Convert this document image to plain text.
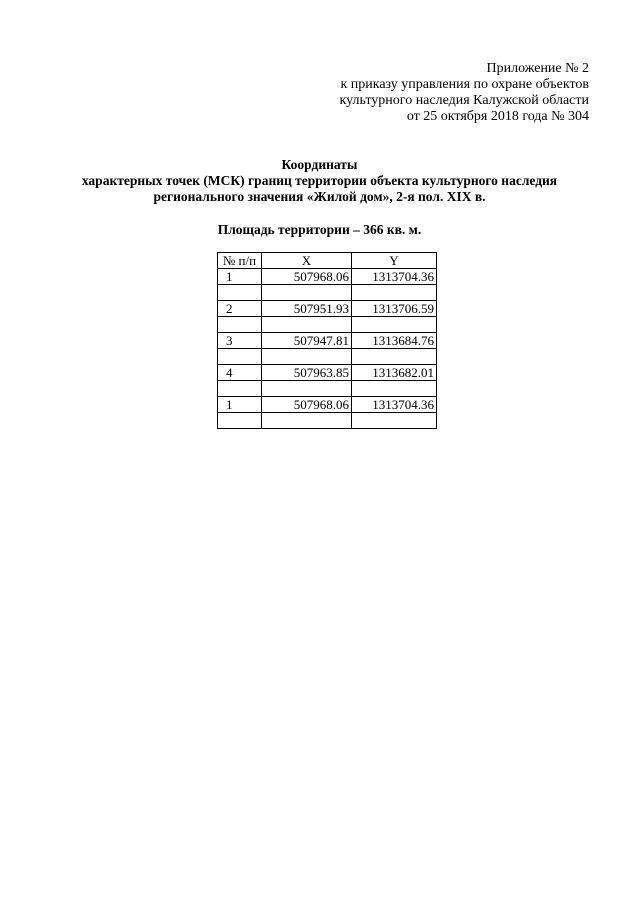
Приложение № 2
к приказу управления по охране объектов
культурного наследия Калужской области
от 25 октября 2018 года № 304
Координаты
характерных точек (МСК) границ территории объекта культурного наследия
регионального значения «Жилой дом», 2-я пол. XIX в.
Площадь территории – 366 кв. м.
№ п/п	X	Y
1	507968.06	1313704.36

2	507951.93	1313706.59

3	507947.81	1313684.76

4	507963.85	1313682.01

1	507968.06	1313704.36
